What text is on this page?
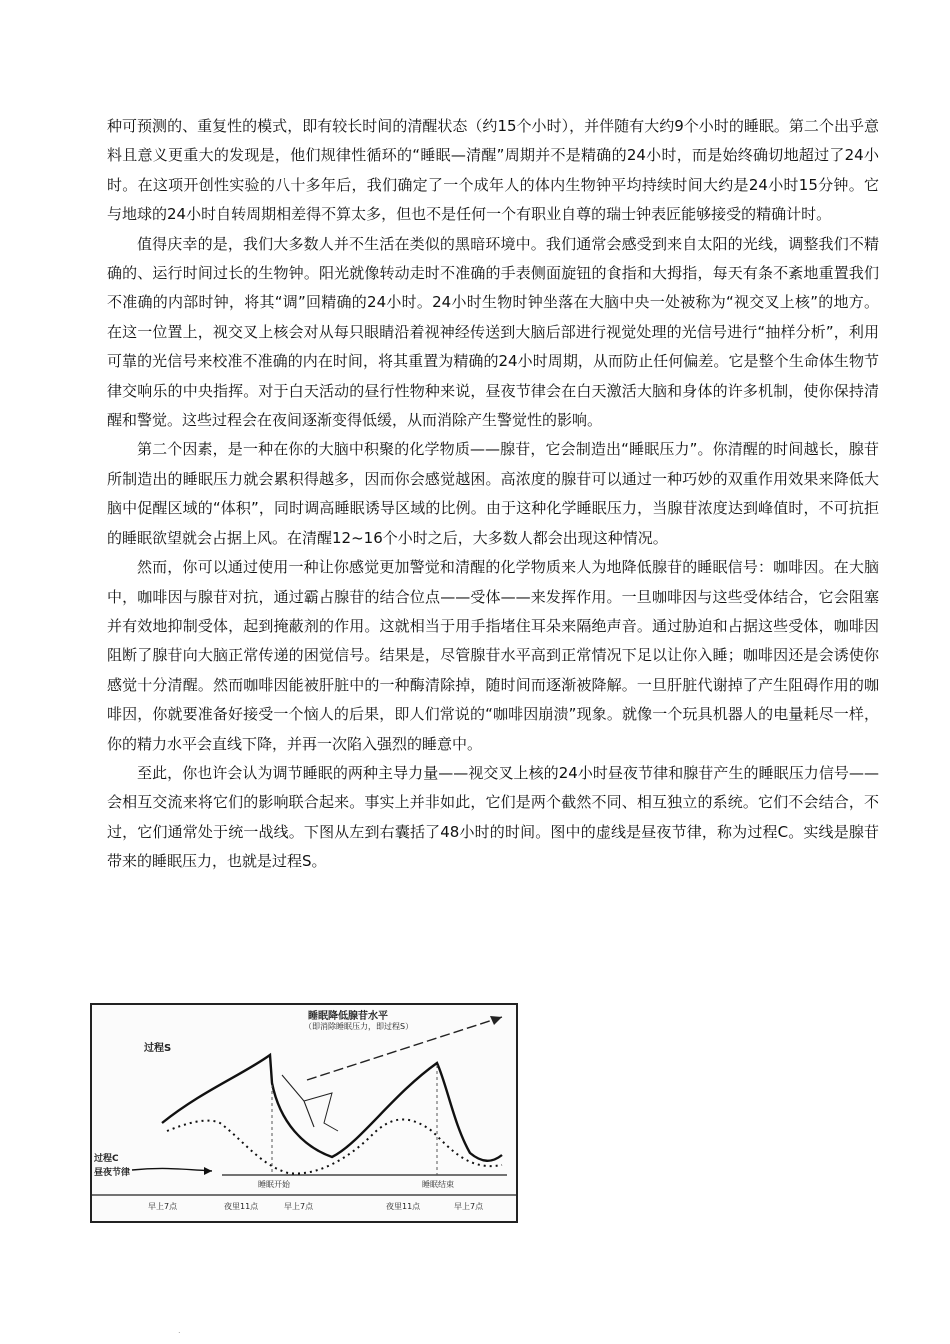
种可预测的、重复性的模式，即有较长时间的清醒状态（约15个小时），并伴随有大约9个小时的睡眠。第二个出乎意料且意义更重大的发现是，他们规律性循环的“睡眠—清醒”周期并不是精确的24小时，而是始终确切地超过了24小时。在这项开创性实验的八十多年后，我们确定了一个成年人的体内生物钟平均持续时间大约是24小时15分钟。它与地球的24小时自转周期相差得不算太多，但也不是任何一个有职业自尊的瑞士钟表匠能够接受的精确计时。

值得庆幸的是，我们大多数人并不生活在类似的黑暗环境中。我们通常会感受到来自太阳的光线，调整我们不精确的、运行时间过长的生物钟。阳光就像转动走时不准确的手表侧面旋钮的食指和大拇指，每天有条不紊地重置我们不准确的内部时钟，将其“调”回精确的24小时。24小时生物时钟坐落在大脑中央一处被称为“视交叉上核”的地方。在这一位置上，视交叉上核会对从每只眼睛沿着视神经传送到大脑后部进行视觉处理的光信号进行“抽样分析”，利用可靠的光信号来校准不准确的内在时间，将其重置为精确的24小时周期，从而防止任何偏差。它是整个生命体生物节律交响乐的中央指挥。对于白天活动的昼行性物种来说，昼夜节律会在白天激活大脑和身体的许多机制，使你保持清醒和警觉。这些过程会在夜间逐渐变得低缓，从而消除产生警觉性的影响。

第二个因素，是一种在你的大脑中积聚的化学物质——腺苷，它会制造出“睡眠压力”。你清醒的时间越长，腺苷所制造出的睡眠压力就会累积得越多，因而你会感觉越困。高浓度的腺苷可以通过一种巧妙的双重作用效果来降低大脑中促醒区域的“体积”，同时调高睡眠诱导区域的比例。由于这种化学睡眠压力，当腺苷浓度达到峰值时，不可抗拒的睡眠欲望就会占据上风。在清醒12~16个小时之后，大多数人都会出现这种情况。

然而，你可以通过使用一种让你感觉更加警觉和清醒的化学物质来人为地降低腺苷的睡眠信号：咖啡因。在大脑中，咖啡因与腺苷对抗，通过霸占腺苷的结合位点——受体——来发挥作用。一旦咖啡因与这些受体结合，它会阻塞并有效地抑制受体，起到掩蔽剂的作用。这就相当于用手指堵住耳朵来隔绝声音。通过胁迫和占据这些受体，咖啡因阻断了腺苷向大脑正常传递的困觉信号。结果是，尽管腺苷水平高到正常情况下足以让你入睡；咖啡因还是会诱使你感觉十分清醒。然而咖啡因能被肝脏中的一种酶清除掉，随时间而逐渐被降解。一旦肝脏代谢掉了产生阻碍作用的咖啡因，你就要准备好接受一个恼人的后果，即人们常说的“咖啡因崩溃”现象。就像一个玩具机器人的电量耗尽一样，你的精力水平会直线下降，并再一次陷入强烈的睡意中。

至此，你也许会认为调节睡眠的两种主导力量——视交叉上核的24小时昼夜节律和腺苷产生的睡眠压力信号——会相互交流来将它们的影响联合起来。事实上并非如此，它们是两个截然不同、相互独立的系统。它们不会结合，不过，它们通常处于统一战线。下图从左到右囊括了48小时的时间。图中的虚线是昼夜节律，称为过程C。实线是腺苷带来的睡眠压力，也就是过程S。

睡眠降低腺苷水平
（即消除睡眠压力，即过程S）
过程S
过程C
昼夜节律
睡眠开始	睡眠结束
早上7点	夜里11点	早上7点	夜里11点	早上7点
.
